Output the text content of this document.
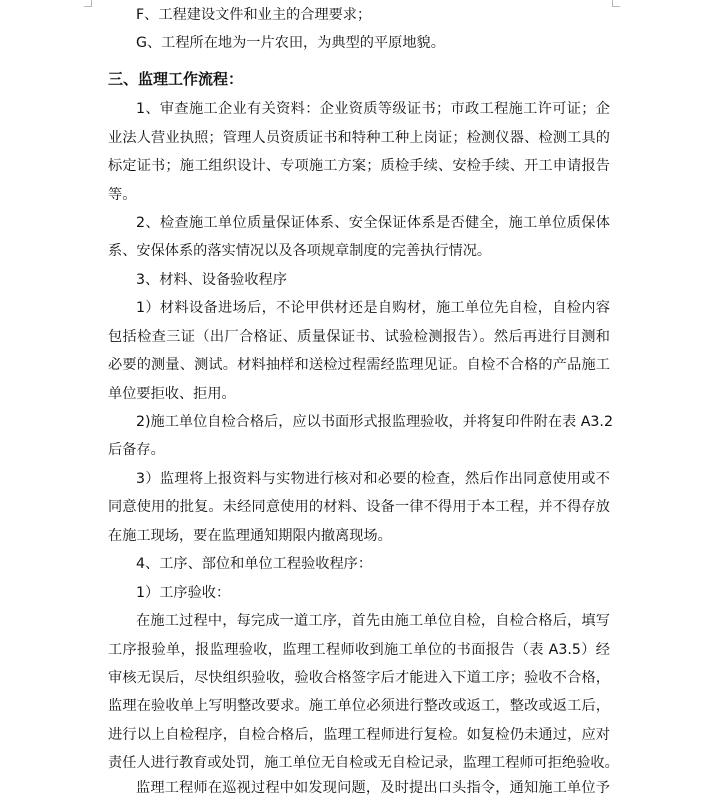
F、工程建设文件和业主的合理要求；
G、工程所在地为一片农田，为典型的平原地貌。
三、监理工作流程：
1、审查施工企业有关资料：企业资质等级证书；市政工程施工许可证；企
业法人营业执照；管理人员资质证书和特种工种上岗证；检测仪器、检测工具的
标定证书；施工组织设计、专项施工方案；质检手续、安检手续、开工申请报告
等。
2、检查施工单位质量保证体系、安全保证体系是否健全，施工单位质保体
系、安保体系的落实情况以及各项规章制度的完善执行情况。
3、材料、设备验收程序
1）材料设备进场后，不论甲供材还是自购材，施工单位先自检，自检内容
包括检查三证（出厂合格证、质量保证书、试验检测报告）。然后再进行目测和
必要的测量、测试。材料抽样和送检过程需经监理见证。自检不合格的产品施工
单位要拒收、拒用。
2)施工单位自检合格后，应以书面形式报监理验收，并将复印件附在表 A3.2
后备存。
3）监理将上报资料与实物进行核对和必要的检查，然后作出同意使用或不
同意使用的批复。未经同意使用的材料、设备一律不得用于本工程，并不得存放
在施工现场，要在监理通知期限内撤离现场。
4、工序、部位和单位工程验收程序：
1）工序验收：
在施工过程中，每完成一道工序，首先由施工单位自检，自检合格后，填写
工序报验单，报监理验收，监理工程师收到施工单位的书面报告（表 A3.5）经
审核无误后，尽快组织验收，验收合格签字后才能进入下道工序；验收不合格，
监理在验收单上写明整改要求。施工单位必须进行整改或返工，整改或返工后，
进行以上自检程序，自检合格后，监理工程师进行复检。如复检仍未通过，应对
责任人进行教育或处罚，施工单位无自检或无自检记录，监理工程师可拒绝验收。
监理工程师在巡视过程中如发现问题，及时提出口头指令，通知施工单位予
